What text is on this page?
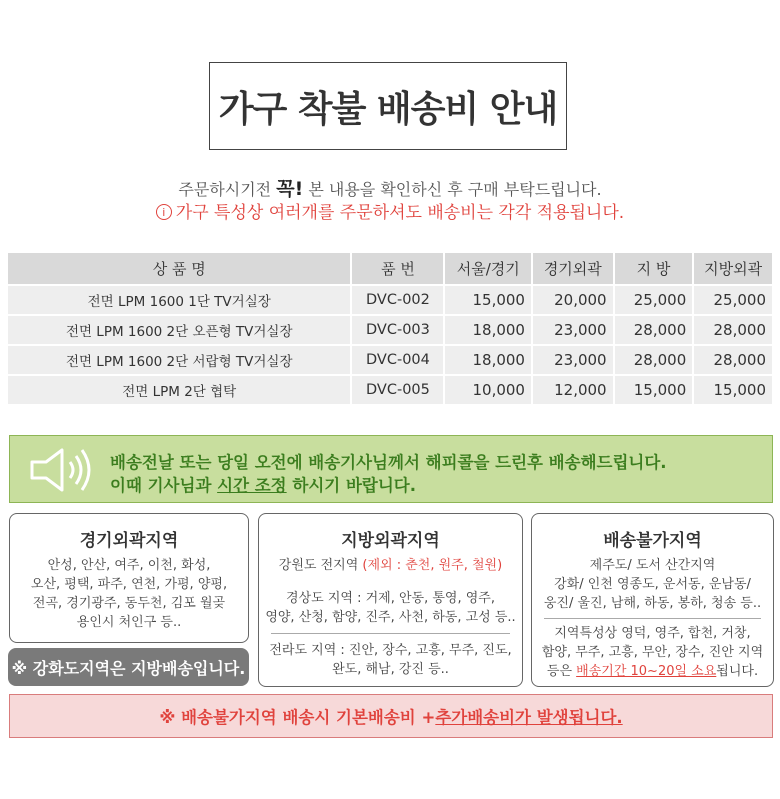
가구 착불 배송비 안내
주문하시기전 꼭! 본 내용을 확인하신 후 구매 부탁드립니다.
i 가구 특성상 여러개를 주문하셔도 배송비는 각각 적용됩니다.
상 품 명	품 번	서울/경기	경기외곽	지 방	지방외곽
전면 LPM 1600 1단 TV거실장	DVC-002	15,000	20,000	25,000	25,000
전면 LPM 1600 2단 오픈형 TV거실장	DVC-003	18,000	23,000	28,000	28,000
전면 LPM 1600 2단 서랍형 TV거실장	DVC-004	18,000	23,000	28,000	28,000
전면 LPM 2단 협탁	DVC-005	10,000	12,000	15,000	15,000
배송전날 또는 당일 오전에 배송기사님께서 해피콜을 드린후 배송해드립니다.
이때 기사님과 시간 조정 하시기 바랍니다.
경기외곽지역
안성, 안산, 여주, 이천, 화성,
오산, 평택, 파주, 연천, 가평, 양평,
전곡, 경기광주, 동두천, 김포 월곶
용인시 처인구 등..
※ 강화도지역은 지방배송입니다.
지방외곽지역
강원도 전지역 (제외 : 춘천, 원주, 철원)
경상도 지역 : 거제, 안동, 통영, 영주,
영양, 산청, 함양, 진주, 사천, 하동, 고성 등..
전라도 지역 : 진안, 장수, 고흥, 무주, 진도,
완도, 해남, 강진 등..
배송불가지역
제주도/ 도서 산간지역
강화/ 인천 영종도, 운서동, 운남동/
웅진/ 울진, 남해, 하동, 봉하, 청송 등..
지역특성상 영덕, 영주, 합천, 거창,
함양, 무주, 고흥, 무안, 장수, 진안 지역
등은 배송기간 10~20일 소요됩니다.
※ 배송불가지역 배송시 기본배송비 + 추가배송비가 발생됩니다.
